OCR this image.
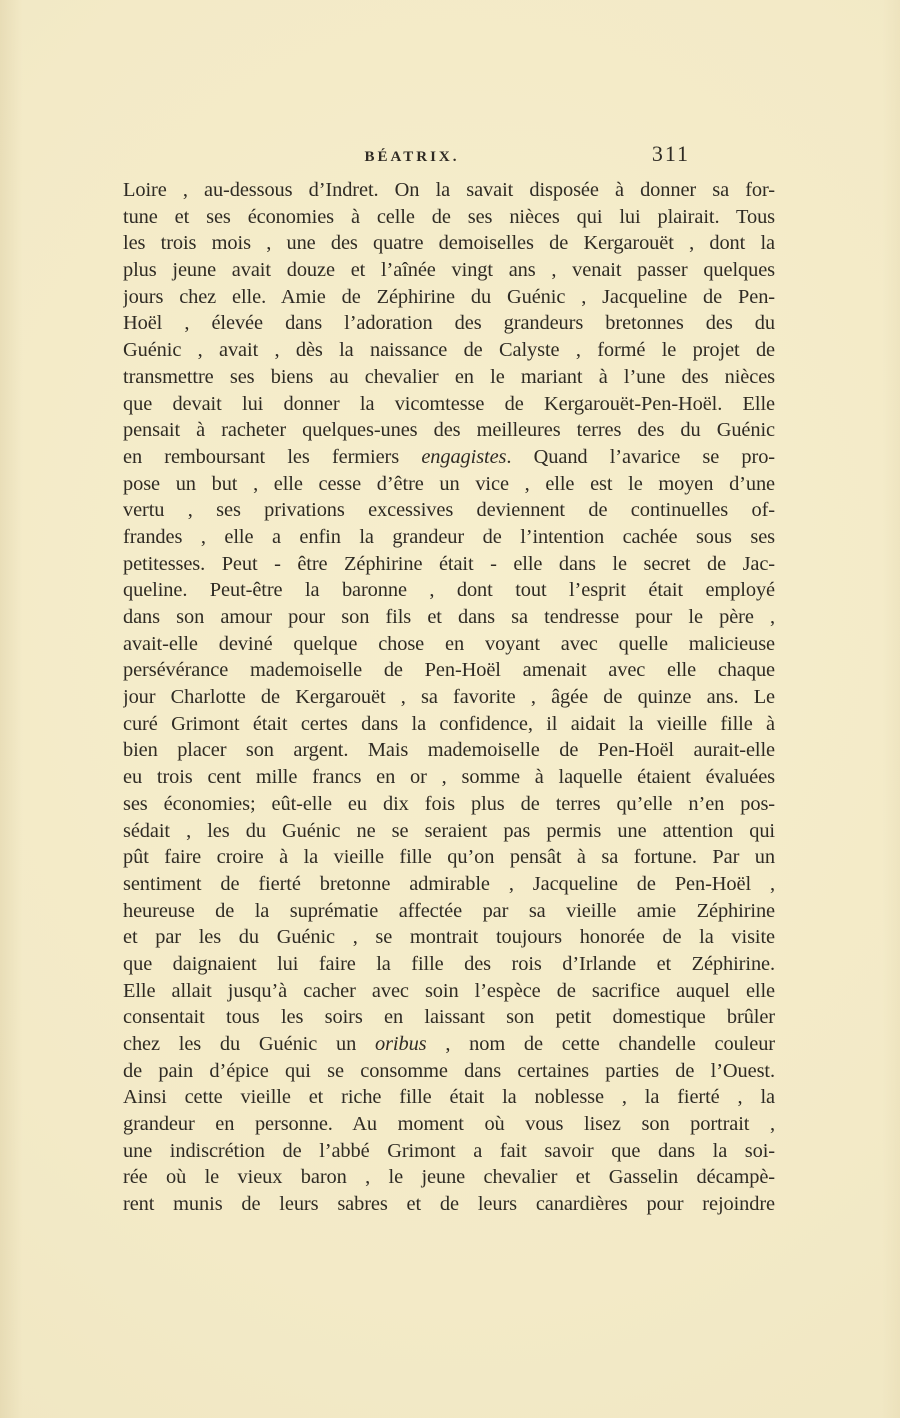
BÉATRIX.	311
Loire , au-dessous d’Indret. On la savait disposée à donner sa for-
tune et ses économies à celle de ses nièces qui lui plairait. Tous
les trois mois , une des quatre demoiselles de Kergarouët , dont la
plus jeune avait douze et l’aînée vingt ans , venait passer quelques
jours chez elle. Amie de Zéphirine du Guénic , Jacqueline de Pen-
Hoël , élevée dans l’adoration des grandeurs bretonnes des du
Guénic , avait , dès la naissance de Calyste , formé le projet de
transmettre ses biens au chevalier en le mariant à l’une des nièces
que devait lui donner la vicomtesse de Kergarouët-Pen-Hoël. Elle
pensait à racheter quelques-unes des meilleures terres des du Guénic
en remboursant les fermiers engagistes. Quand l’avarice se pro-
pose un but , elle cesse d’être un vice , elle est le moyen d’une
vertu , ses privations excessives deviennent de continuelles of-
frandes , elle a enfin la grandeur de l’intention cachée sous ses
petitesses. Peut - être Zéphirine était - elle dans le secret de Jac-
queline. Peut-être la baronne , dont tout l’esprit était employé
dans son amour pour son fils et dans sa tendresse pour le père ,
avait-elle deviné quelque chose en voyant avec quelle malicieuse
persévérance mademoiselle de Pen-Hoël amenait avec elle chaque
jour Charlotte de Kergarouët , sa favorite , âgée de quinze ans. Le
curé Grimont était certes dans la confidence, il aidait la vieille fille à
bien placer son argent. Mais mademoiselle de Pen-Hoël aurait-elle
eu trois cent mille francs en or , somme à laquelle étaient évaluées
ses économies; eût-elle eu dix fois plus de terres qu’elle n’en pos-
sédait , les du Guénic ne se seraient pas permis une attention qui
pût faire croire à la vieille fille qu’on pensât à sa fortune. Par un
sentiment de fierté bretonne admirable , Jacqueline de Pen-Hoël ,
heureuse de la suprématie affectée par sa vieille amie Zéphirine
et par les du Guénic , se montrait toujours honorée de la visite
que daignaient lui faire la fille des rois d’Irlande et Zéphirine.
Elle allait jusqu’à cacher avec soin l’espèce de sacrifice auquel elle
consentait tous les soirs en laissant son petit domestique brûler
chez les du Guénic un oribus , nom de cette chandelle couleur
de pain d’épice qui se consomme dans certaines parties de l’Ouest.
Ainsi cette vieille et riche fille était la noblesse , la fierté , la
grandeur en personne. Au moment où vous lisez son portrait ,
une indiscrétion de l’abbé Grimont a fait savoir que dans la soi-
rée où le vieux baron , le jeune chevalier et Gasselin décampè-
rent munis de leurs sabres et de leurs canardières pour rejoindre
